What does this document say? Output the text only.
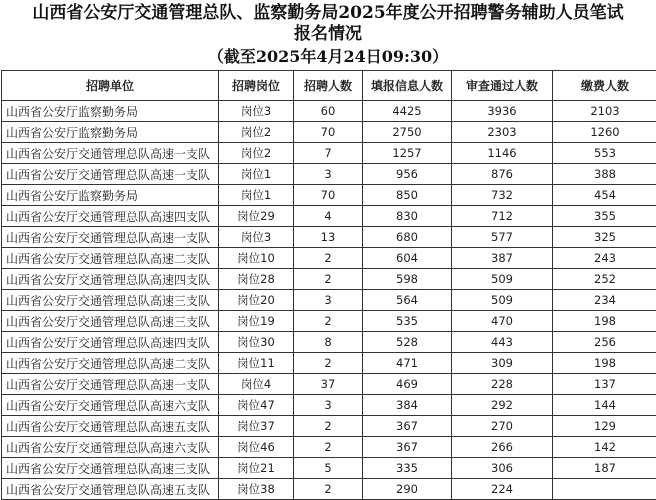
山西省公安厅交通管理总队、监察勤务局2025年度公开招聘警务辅助人员笔试
报名情况
（截至2025年4月24日09:30）
招聘单位	招聘岗位	招聘人数	填报信息人数	审查通过人数	缴费人数
山西省公安厅监察勤务局	岗位3	60	4425	3936	2103
山西省公安厅监察勤务局	岗位2	70	2750	2303	1260
山西省公安厅交通管理总队高速一支队	岗位2	7	1257	1146	553
山西省公安厅交通管理总队高速一支队	岗位1	3	956	876	388
山西省公安厅监察勤务局	岗位1	70	850	732	454
山西省公安厅交通管理总队高速四支队	岗位29	4	830	712	355
山西省公安厅交通管理总队高速一支队	岗位3	13	680	577	325
山西省公安厅交通管理总队高速二支队	岗位10	2	604	387	243
山西省公安厅交通管理总队高速四支队	岗位28	2	598	509	252
山西省公安厅交通管理总队高速三支队	岗位20	3	564	509	234
山西省公安厅交通管理总队高速三支队	岗位19	2	535	470	198
山西省公安厅交通管理总队高速四支队	岗位30	8	528	443	256
山西省公安厅交通管理总队高速二支队	岗位11	2	471	309	198
山西省公安厅交通管理总队高速一支队	岗位4	37	469	228	137
山西省公安厅交通管理总队高速六支队	岗位47	3	384	292	144
山西省公安厅交通管理总队高速五支队	岗位37	2	367	270	129
山西省公安厅交通管理总队高速六支队	岗位46	2	367	266	142
山西省公安厅交通管理总队高速三支队	岗位21	5	335	306	187
山西省公安厅交通管理总队高速五支队	岗位38	2	290	224	
